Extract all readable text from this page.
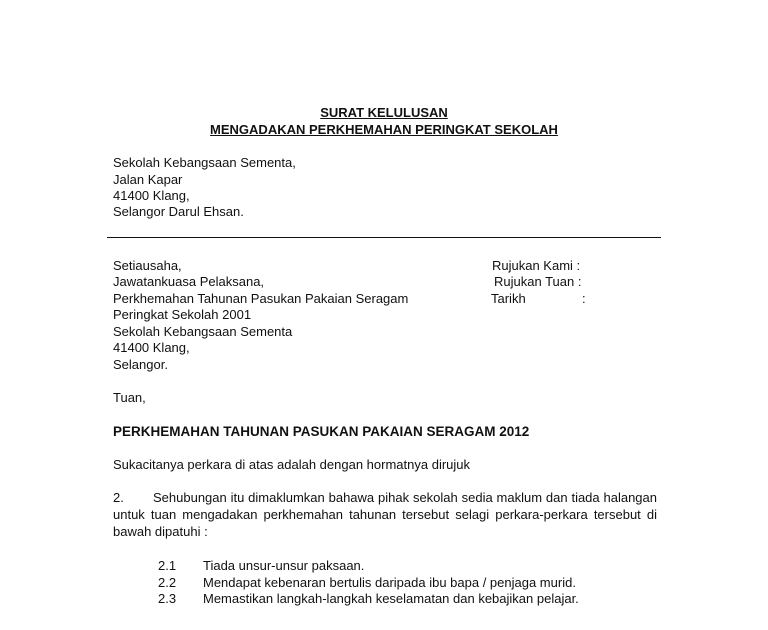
SURAT KELULUSAN
MENGADAKAN PERKHEMAHAN PERINGKAT SEKOLAH
Sekolah Kebangsaan Sementa,
Jalan Kapar
41400 Klang,
Selangor Darul Ehsan.
Setiausaha,
Jawatankuasa Pelaksana,
Perkhemahan Tahunan Pasukan Pakaian Seragam
Peringkat Sekolah 2001
Sekolah Kebangsaan Sementa
41400 Klang,
Selangor.
Rujukan Kami :
Rujukan Tuan :
Tarikh	:
Tuan,
PERKHEMAHAN TAHUNAN PASUKAN PAKAIAN SERAGAM 2012
Sukacitanya perkara di atas adalah dengan hormatnya dirujuk
2. Sehubungan itu dimaklumkan bahawa pihak sekolah sedia maklum dan tiada halangan untuk tuan mengadakan perkhemahan tahunan tersebut selagi perkara-perkara tersebut di bawah dipatuhi :
2.1 Tiada unsur-unsur paksaan.
2.2 Mendapat kebenaran bertulis daripada ibu bapa / penjaga murid.
2.3 Memastikan langkah-langkah keselamatan dan kebajikan pelajar.
